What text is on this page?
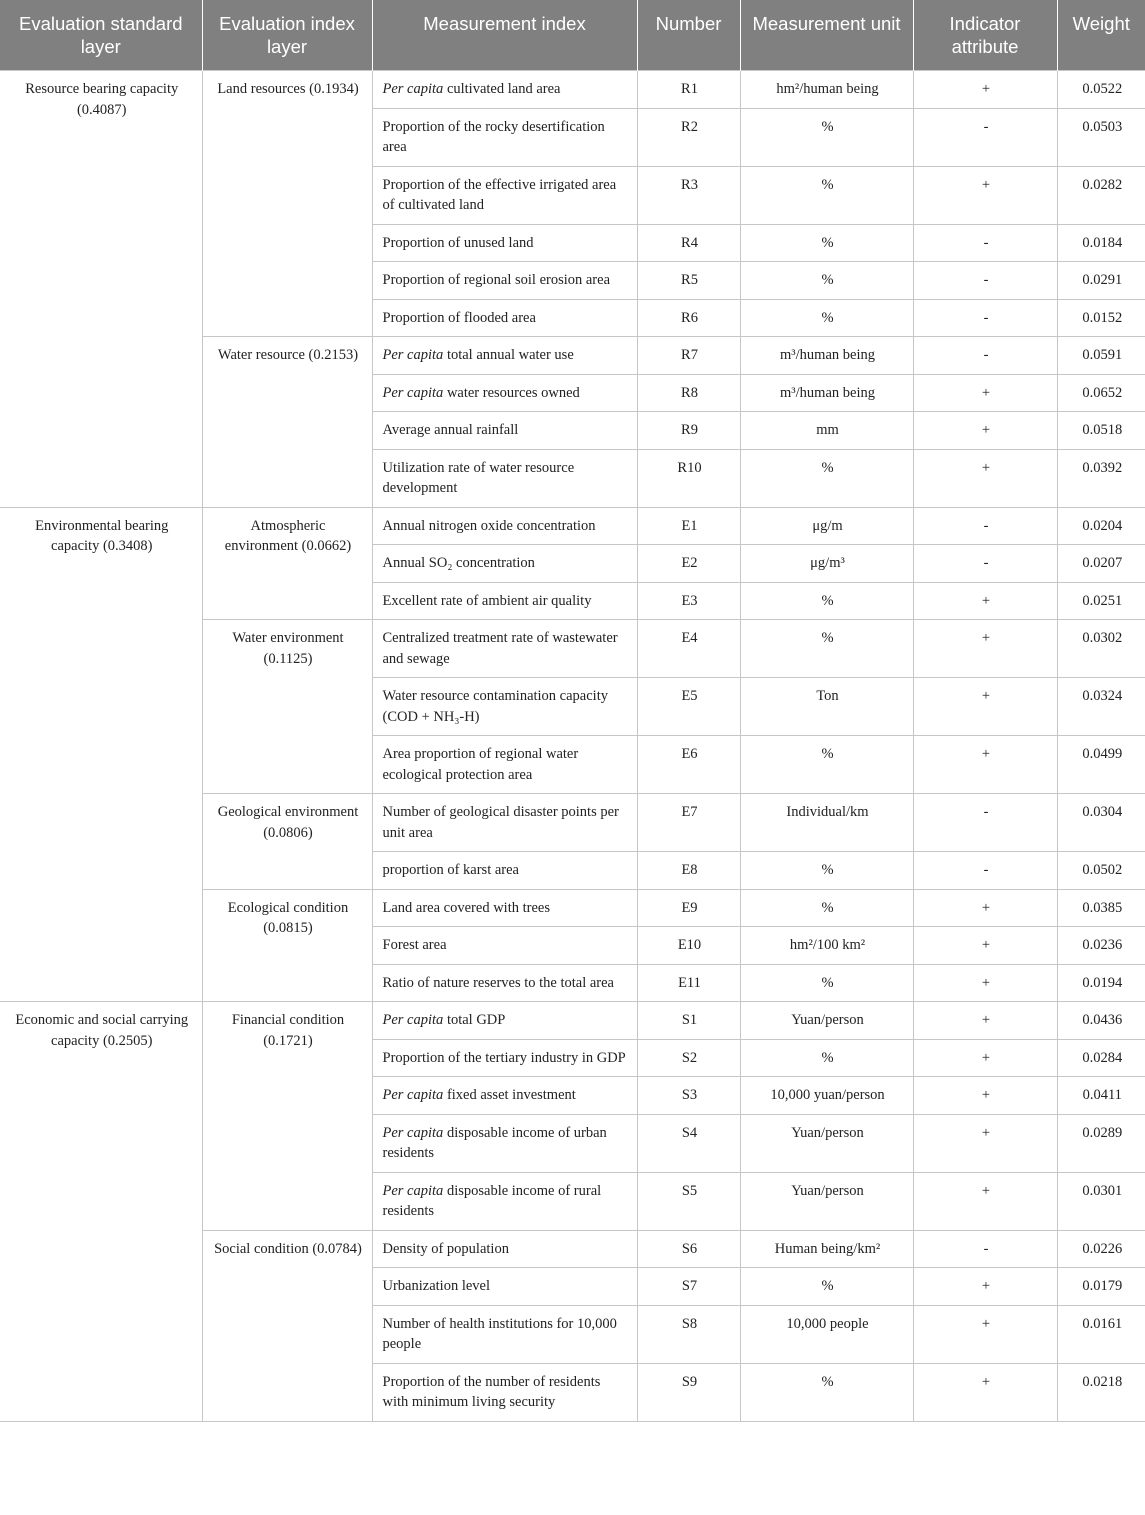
Evaluation standard layer	Evaluation index layer	Measurement index	Number	Measurement unit	Indicator attribute	Weight
Resource bearing capacity (0.4087)	Land resources (0.1934)	Per capita cultivated land area	R1	hm²/human being	+	0.0522
		Proportion of the rocky desertification area	R2	%	-	0.0503
		Proportion of the effective irrigated area of cultivated land	R3	%	+	0.0282
		Proportion of unused land	R4	%	-	0.0184
		Proportion of regional soil erosion area	R5	%	-	0.0291
		Proportion of flooded area	R6	%	-	0.0152
	Water resource (0.2153)	Per capita total annual water use	R7	m³/human being	-	0.0591
		Per capita water resources owned	R8	m³/human being	+	0.0652
		Average annual rainfall	R9	mm	+	0.0518
		Utilization rate of water resource development	R10	%	+	0.0392
Environmental bearing capacity (0.3408)	Atmospheric environment (0.0662)	Annual nitrogen oxide concentration	E1	μg/m	-	0.0204
		Annual SO₂ concentration	E2	μg/m³	-	0.0207
		Excellent rate of ambient air quality	E3	%	+	0.0251
	Water environment (0.1125)	Centralized treatment rate of wastewater and sewage	E4	%	+	0.0302
		Water resource contamination capacity (COD + NH₃-H)	E5	Ton	+	0.0324
		Area proportion of regional water ecological protection area	E6	%	+	0.0499
	Geological environment (0.0806)	Number of geological disaster points per unit area	E7	Individual/km	-	0.0304
		proportion of karst area	E8	%	-	0.0502
	Ecological condition (0.0815)	Land area covered with trees	E9	%	+	0.0385
		Forest area	E10	hm²/100 km²	+	0.0236
		Ratio of nature reserves to the total area	E11	%	+	0.0194
Economic and social carrying capacity (0.2505)	Financial condition (0.1721)	Per capita total GDP	S1	Yuan/person	+	0.0436
		Proportion of the tertiary industry in GDP	S2	%	+	0.0284
		Per capita fixed asset investment	S3	10,000 yuan/person	+	0.0411
		Per capita disposable income of urban residents	S4	Yuan/person	+	0.0289
		Per capita disposable income of rural residents	S5	Yuan/person	+	0.0301
	Social condition (0.0784)	Density of population	S6	Human being/km²	-	0.0226
		Urbanization level	S7	%	+	0.0179
		Number of health institutions for 10,000 people	S8	10,000 people	+	0.0161
		Proportion of the number of residents with minimum living security	S9	%	+	0.0218
